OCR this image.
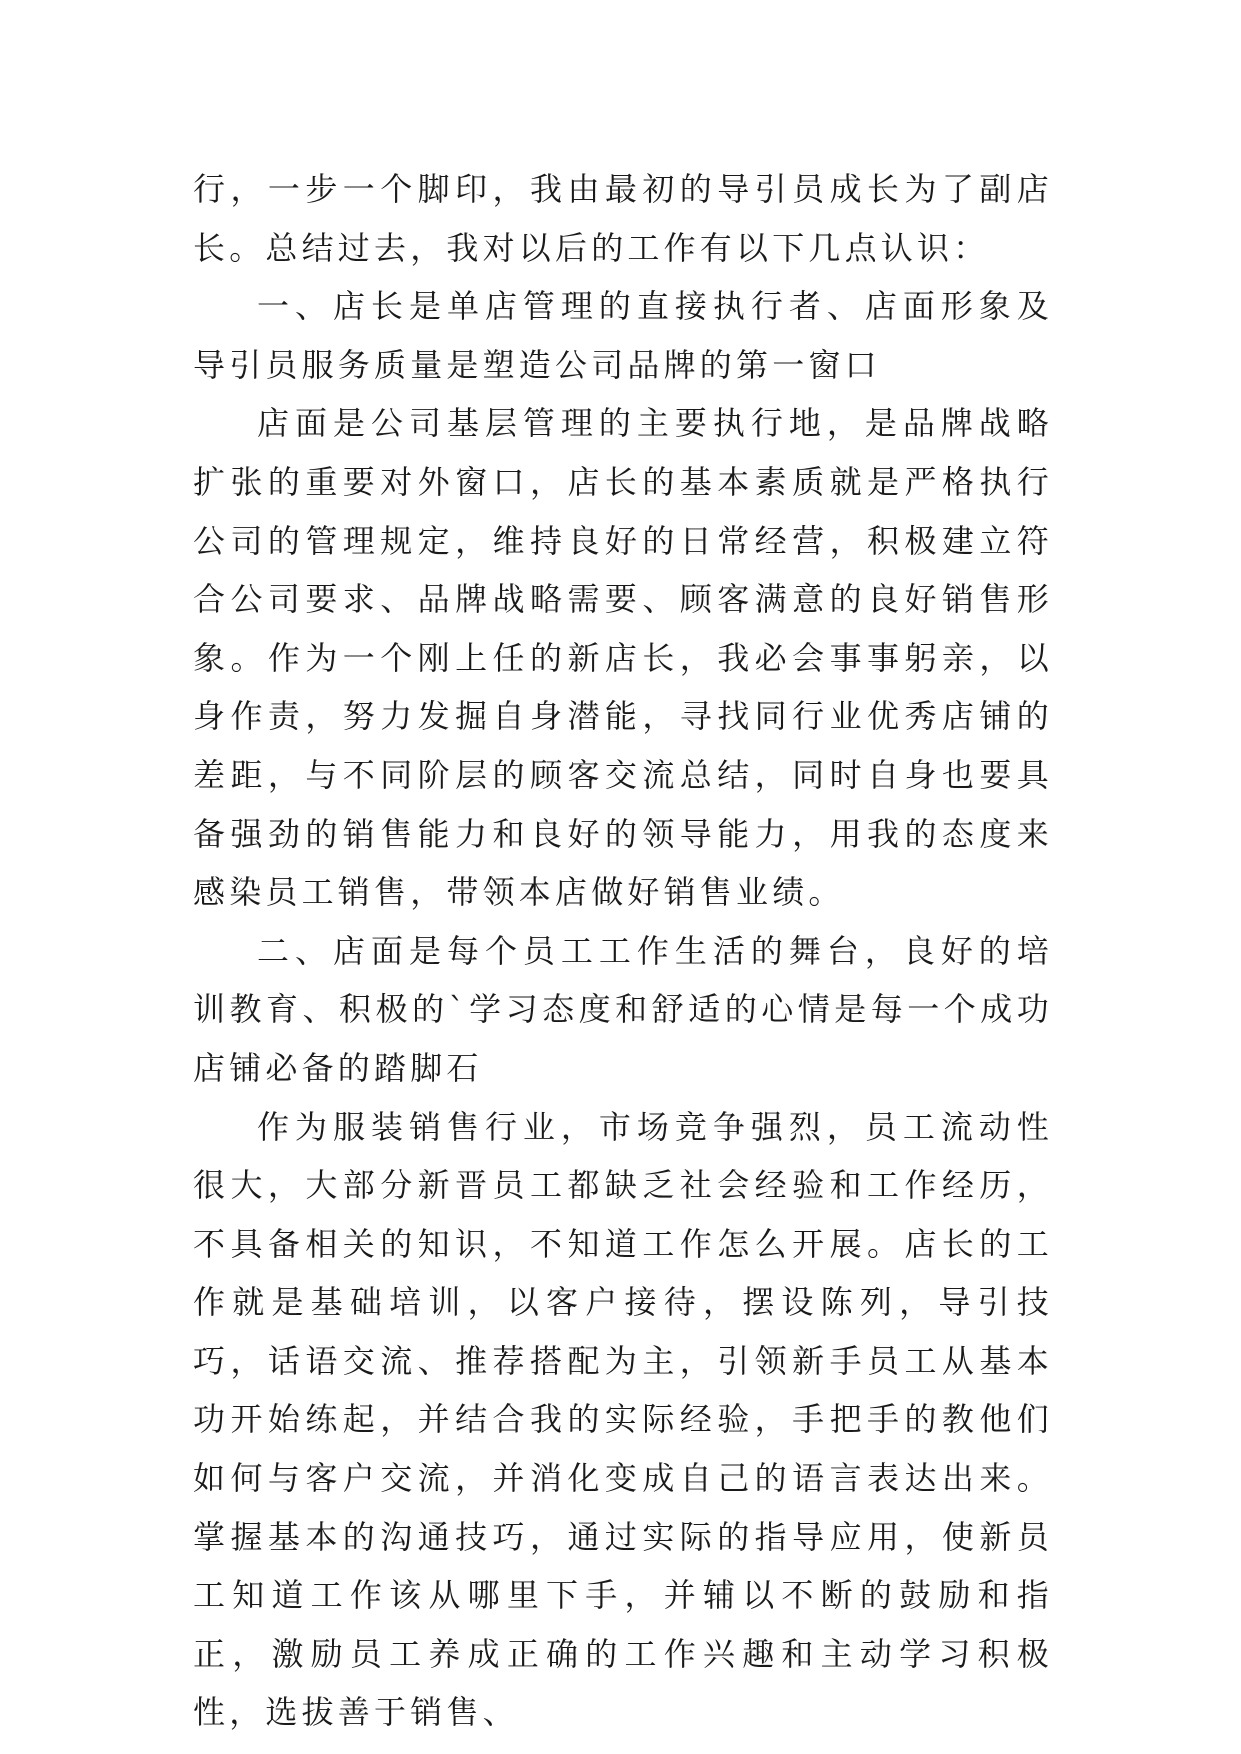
行，一步一个脚印，我由最初的导引员成长为了副店长。总结过去，我对以后的工作有以下几点认识：

一、店长是单店管理的直接执行者、店面形象及导引员服务质量是塑造公司品牌的第一窗口

店面是公司基层管理的主要执行地，是品牌战略扩张的重要对外窗口，店长的基本素质就是严格执行公司的管理规定，维持良好的日常经营，积极建立符合公司要求、品牌战略需要、顾客满意的良好销售形象。作为一个刚上任的新店长，我必会事事躬亲，以身作责，努力发掘自身潜能，寻找同行业优秀店铺的差距，与不同阶层的顾客交流总结，同时自身也要具备强劲的销售能力和良好的领导能力，用我的态度来感染员工销售，带领本店做好销售业绩。

二、店面是每个员工工作生活的舞台，良好的培训教育、积极的`学习态度和舒适的心情是每一个成功店铺必备的踏脚石

作为服装销售行业，市场竞争强烈，员工流动性很大，大部分新晋员工都缺乏社会经验和工作经历，不具备相关的知识，不知道工作怎么开展。店长的工作就是基础培训，以客户接待，摆设陈列，导引技巧，话语交流、推荐搭配为主，引领新手员工从基本功开始练起，并结合我的实际经验，手把手的教他们如何与客户交流，并消化变成自己的语言表达出来。掌握基本的沟通技巧，通过实际的指导应用，使新员工知道工作该从哪里下手，并辅以不断的鼓励和指正，激励员工养成正确的工作兴趣和主动学习积极性，选拔善于销售、
